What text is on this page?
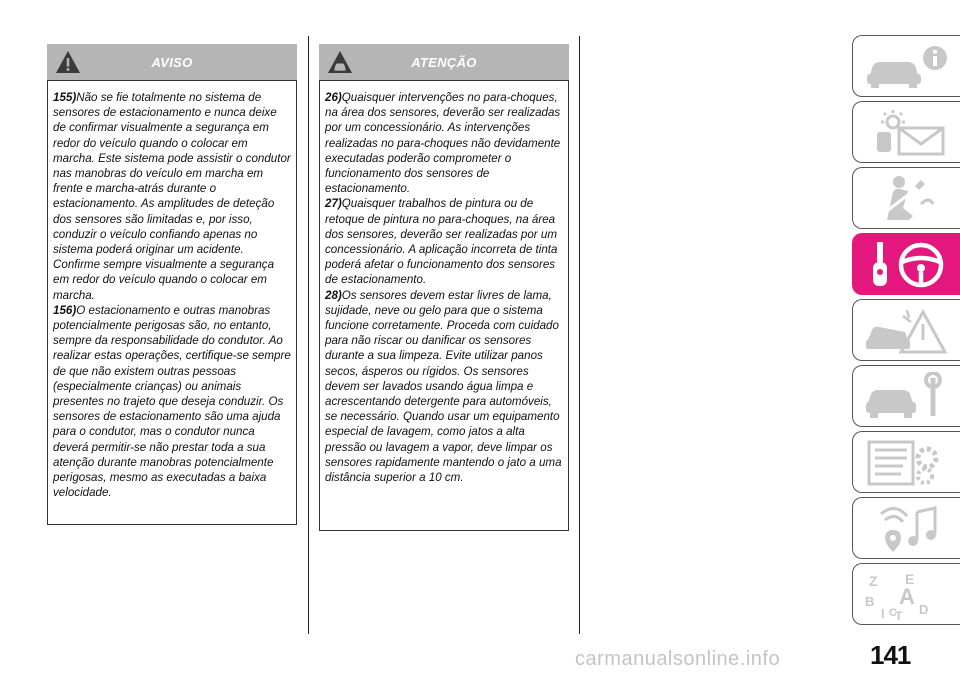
AVISO

155)Não se fie totalmente no sistema de sensores de estacionamento e nunca deixe de confirmar visualmente a segurança em redor do veículo quando o colocar em marcha. Este sistema pode assistir o condutor nas manobras do veículo em marcha em frente e marcha-atrás durante o estacionamento. As amplitudes de deteção dos sensores são limitadas e, por isso, conduzir o veículo confiando apenas no sistema poderá originar um acidente. Confirme sempre visualmente a segurança em redor do veículo quando o colocar em marcha.

156)O estacionamento e outras manobras potencialmente perigosas são, no entanto, sempre da responsabilidade do condutor. Ao realizar estas operações, certifique-se sempre de que não existem outras pessoas (especialmente crianças) ou animais presentes no trajeto que deseja conduzir. Os sensores de estacionamento são uma ajuda para o condutor, mas o condutor nunca deverá permitir-se não prestar toda a sua atenção durante manobras potencialmente perigosas, mesmo as executadas a baixa velocidade.

ATENÇÃO

26)Quaisquer intervenções no para-choques, na área dos sensores, deverão ser realizadas por um concessionário. As intervenções realizadas no para-choques não devidamente executadas poderão comprometer o funcionamento dos sensores de estacionamento.

27)Quaisquer trabalhos de pintura ou de retoque de pintura no para-choques, na área dos sensores, deverão ser realizadas por um concessionário. A aplicação incorreta de tinta poderá afetar o funcionamento dos sensores de estacionamento.

28)Os sensores devem estar livres de lama, sujidade, neve ou gelo para que o sistema funcione corretamente. Proceda com cuidado para não riscar ou danificar os sensores durante a sua limpeza. Evite utilizar panos secos, ásperos ou rígidos. Os sensores devem ser lavados usando água limpa e acrescentando detergente para automóveis, se necessário. Quando usar um equipamento especial de lavagem, como jatos a alta pressão ou lavagem a vapor, deve limpar os sensores rapidamente mantendo o jato a uma distância superior a 10 cm.

Z E
B A
I C
T D
141
carmanualsonline.info
